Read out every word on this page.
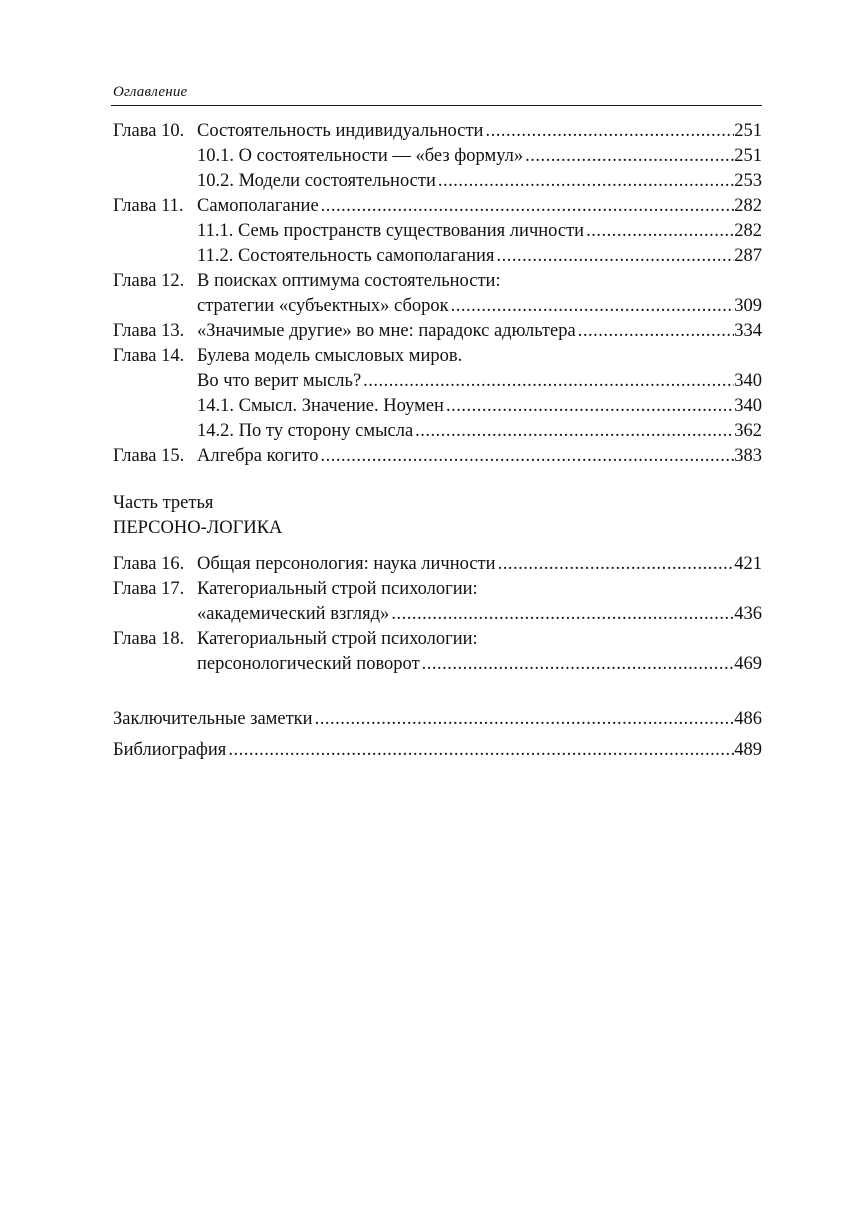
Оглавление
Глава 10. Состоятельность индивидуальности .....	251
10.1. О состоятельности — «без формул» .....	251
10.2. Модели состоятельности .....	253
Глава 11. Самополагание .....	282
11.1. Семь пространств существования личности .....	282
11.2. Состоятельность самополагания .....	287
Глава 12. В поисках оптимума состоятельности:
стратегии «субъектных» сборок .....	309
Глава 13. «Значимые другие» во мне: парадокс адюльтера .....	334
Глава 14. Булева модель смысловых миров.
Во что верит мысль? .....	340
14.1. Смысл. Значение. Ноумен .....	340
14.2. По ту сторону смысла .....	362
Глава 15. Алгебра когито .....	383
Часть третья
ПЕРСОНО-ЛОГИКА
Глава 16. Общая персонология: наука личности .....	421
Глава 17. Категориальный строй психологии:
«академический взгляд» .....	436
Глава 18. Категориальный строй психологии:
персонологический поворот .....	469
Заключительные заметки .....	486
Библиография .....	489
